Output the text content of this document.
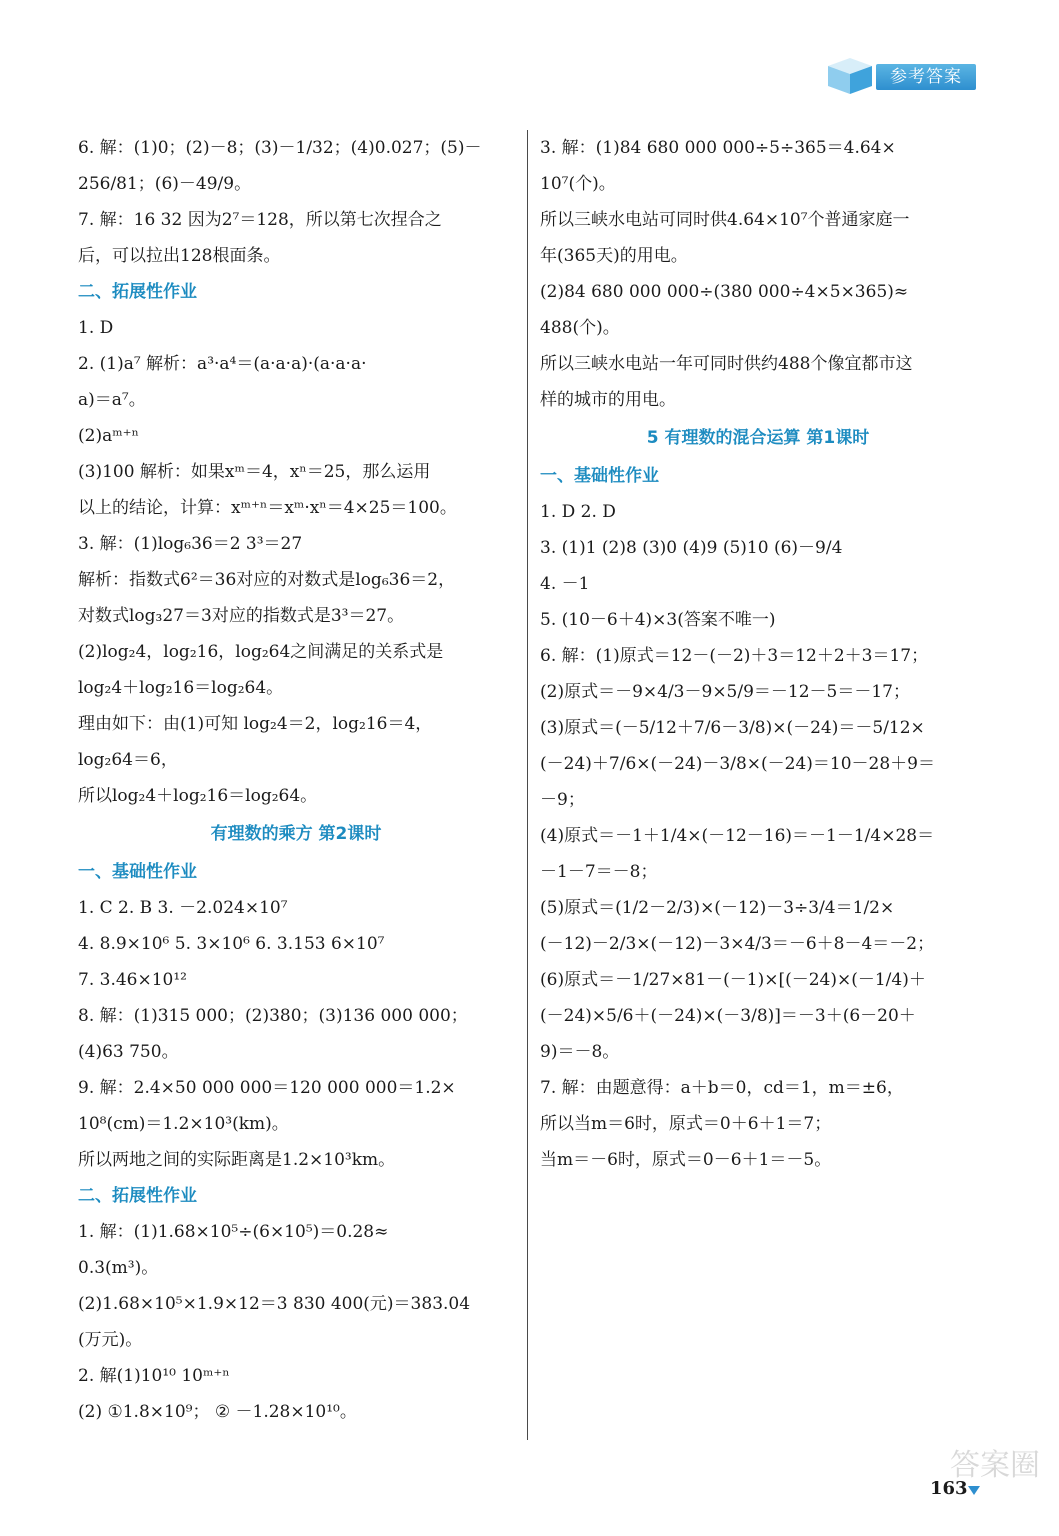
参考答案
6. 解：(1)0；(2)－8；(3)－1/32；(4)0.027；(5)－
256/81；(6)－49/9。
7. 解：16 32 因为2⁷＝128，所以第七次捏合之
后，可以拉出128根面条。
二、拓展性作业
1. D
2. (1)a⁷ 解析：a³·a⁴＝(a·a·a)·(a·a·a·
a)＝a⁷。
(2)aᵐ⁺ⁿ
(3)100 解析：如果xᵐ＝4，xⁿ＝25，那么运用
以上的结论，计算：xᵐ⁺ⁿ＝xᵐ·xⁿ＝4×25＝100。
3. 解：(1)log₆36＝2 3³＝27
解析：指数式6²＝36对应的对数式是log₆36＝2，
对数式log₃27＝3对应的指数式是3³＝27。
(2)log₂4，log₂16，log₂64之间满足的关系式是
log₂4＋log₂16＝log₂64。
理由如下：由(1)可知 log₂4＝2，log₂16＝4，
log₂64＝6，
所以log₂4＋log₂16＝log₂64。
有理数的乘方 第2课时
一、基础性作业
1. C 2. B 3. －2.024×10⁷
4. 8.9×10⁶ 5. 3×10⁶ 6. 3.153 6×10⁷
7. 3.46×10¹²
8. 解：(1)315 000；(2)380；(3)136 000 000；
(4)63 750。
9. 解：2.4×50 000 000＝120 000 000＝1.2×
10⁸(cm)＝1.2×10³(km)。
所以两地之间的实际距离是1.2×10³km。
二、拓展性作业
1. 解：(1)1.68×10⁵÷(6×10⁵)＝0.28≈
0.3(m³)。
(2)1.68×10⁵×1.9×12＝3 830 400(元)＝383.04
(万元)。
2. 解(1)10¹⁰ 10ᵐ⁺ⁿ
(2) ①1.8×10⁹； ② －1.28×10¹⁰。
3. 解：(1)84 680 000 000÷5÷365＝4.64×
10⁷(个)。
所以三峡水电站可同时供4.64×10⁷个普通家庭一
年(365天)的用电。
(2)84 680 000 000÷(380 000÷4×5×365)≈
488(个)。
所以三峡水电站一年可同时供约488个像宜都市这
样的城市的用电。
5 有理数的混合运算 第1课时
一、基础性作业
1. D 2. D
3. (1)1 (2)8 (3)0 (4)9 (5)10 (6)－9/4
4. －1
5. (10－6＋4)×3(答案不唯一)
6. 解：(1)原式＝12－(－2)＋3＝12＋2＋3＝17；
(2)原式＝－9×4/3－9×5/9＝－12－5＝－17；
(3)原式＝(－5/12＋7/6－3/8)×(－24)＝－5/12×
(－24)＋7/6×(－24)－3/8×(－24)＝10－28＋9＝
－9；
(4)原式＝－1＋1/4×(－12－16)＝－1－1/4×28＝
－1－7＝－8；
(5)原式＝(1/2－2/3)×(－12)－3÷3/4＝1/2×
(－12)－2/3×(－12)－3×4/3＝－6＋8－4＝－2；
(6)原式＝－1/27×81－(－1)×[(－24)×(－1/4)＋
(－24)×5/6＋(－24)×(－3/8)]＝－3＋(6－20＋
9)＝－8。
7. 解：由题意得：a＋b＝0，cd＝1，m＝±6，
所以当m＝6时，原式＝0＋6＋1＝7；
当m＝－6时，原式＝0－6＋1＝－5。
答案圈
163
